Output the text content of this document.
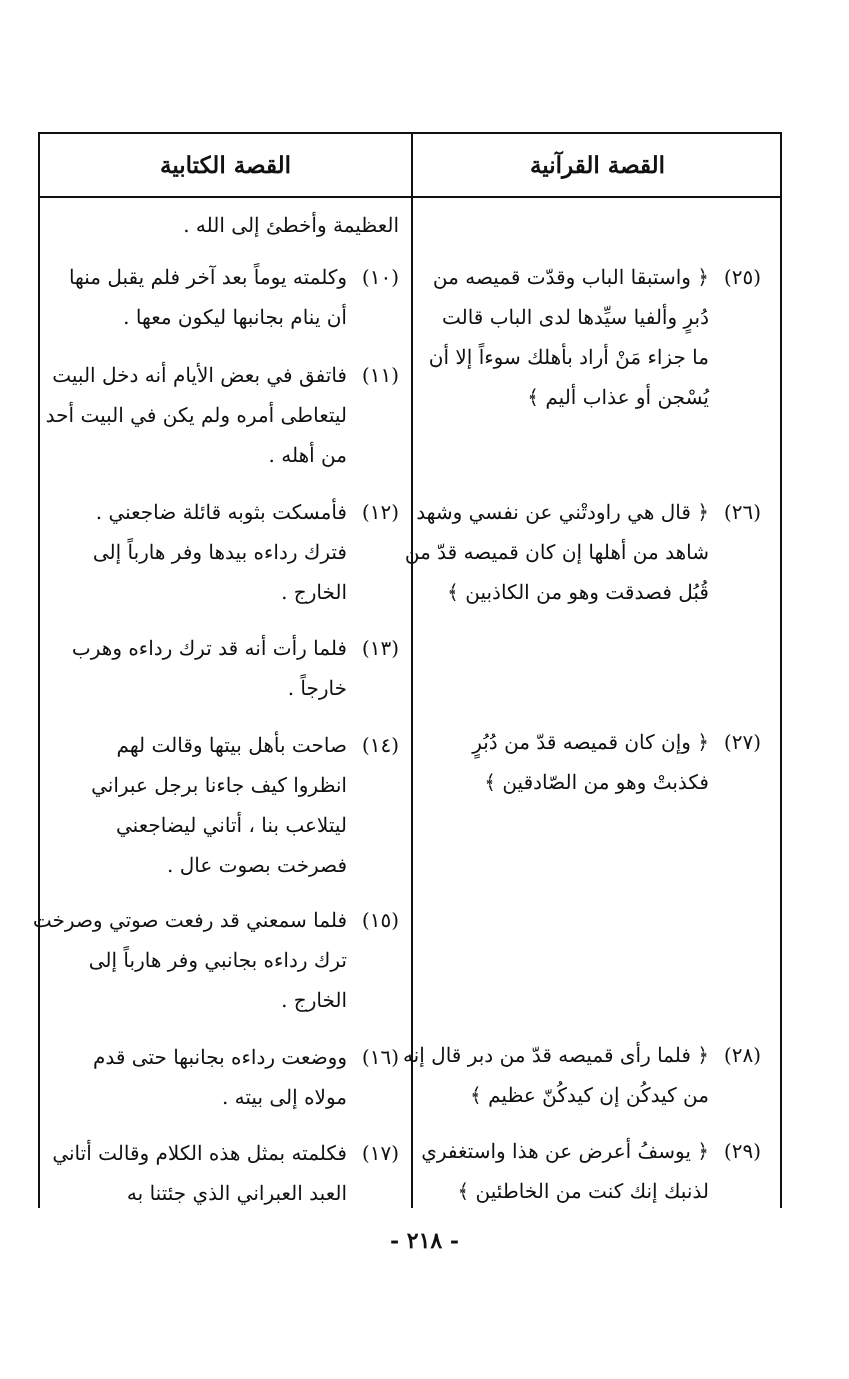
القصة القرآنية
القصة الكتابية
العظيمة وأخطئ إلى الله .
(١٠)
وكلمته يوماً بعد آخر فلم يقبل منها
أن ينام بجانبها ليكون معها .
(١١)
فاتفق في بعض الأيام أنه دخل البيت
ليتعاطى أمره ولم يكن في البيت أحد
من أهله .
(١٢)
فأمسكت بثوبه قائلة ضاجعني .
فترك رداءه بيدها وفر هارباً إلى
الخارج .
(١٣)
فلما رأت أنه قد ترك رداءه وهرب
خارجاً .
(١٤)
صاحت بأهل بيتها وقالت لهم
انظروا كيف جاءنا برجل عبراني
ليتلاعب بنا ، أتاني ليضاجعني
فصرخت بصوت عال .
(١٥)
فلما سمعني قد رفعت صوتي وصرخت
ترك رداءه بجانبي وفر هارباً إلى
الخارج .
(١٦)
ووضعت رداءه بجانبها حتى قدم
مولاه إلى بيته .
(١٧)
فكلمته بمثل هذه الكلام وقالت أتاني
العبد العبراني الذي جئتنا به
(٢٥)
﴿ واستبقا الباب وقدّت قميصه من
دُبرٍ وألفيا سيِّدها لدى الباب قالت
ما جزاء مَنْ أراد بأهلك سوءاً إلا أن
يُسْجن أو عذاب أليم ﴾
(٢٦)
﴿ قال هي راودتْني عن نفسي وشهد
شاهد من أهلها إن كان قميصه قدّ من
قُبُل فصدقت وهو من الكاذبين ﴾
(٢٧)
﴿ وإن كان قميصه قدّ من دُبُرٍ
فكذبتْ وهو من الصّادقين ﴾
(٢٨)
﴿ فلما رأى قميصه قدّ من دبر قال إنه
من كيدكُن إن كيدكُنّ عظيم ﴾
(٢٩)
﴿ يوسفُ أعرض عن هذا واستغفري
لذنبك إنك كنت من الخاطئين ﴾
- ٢١٨ -
